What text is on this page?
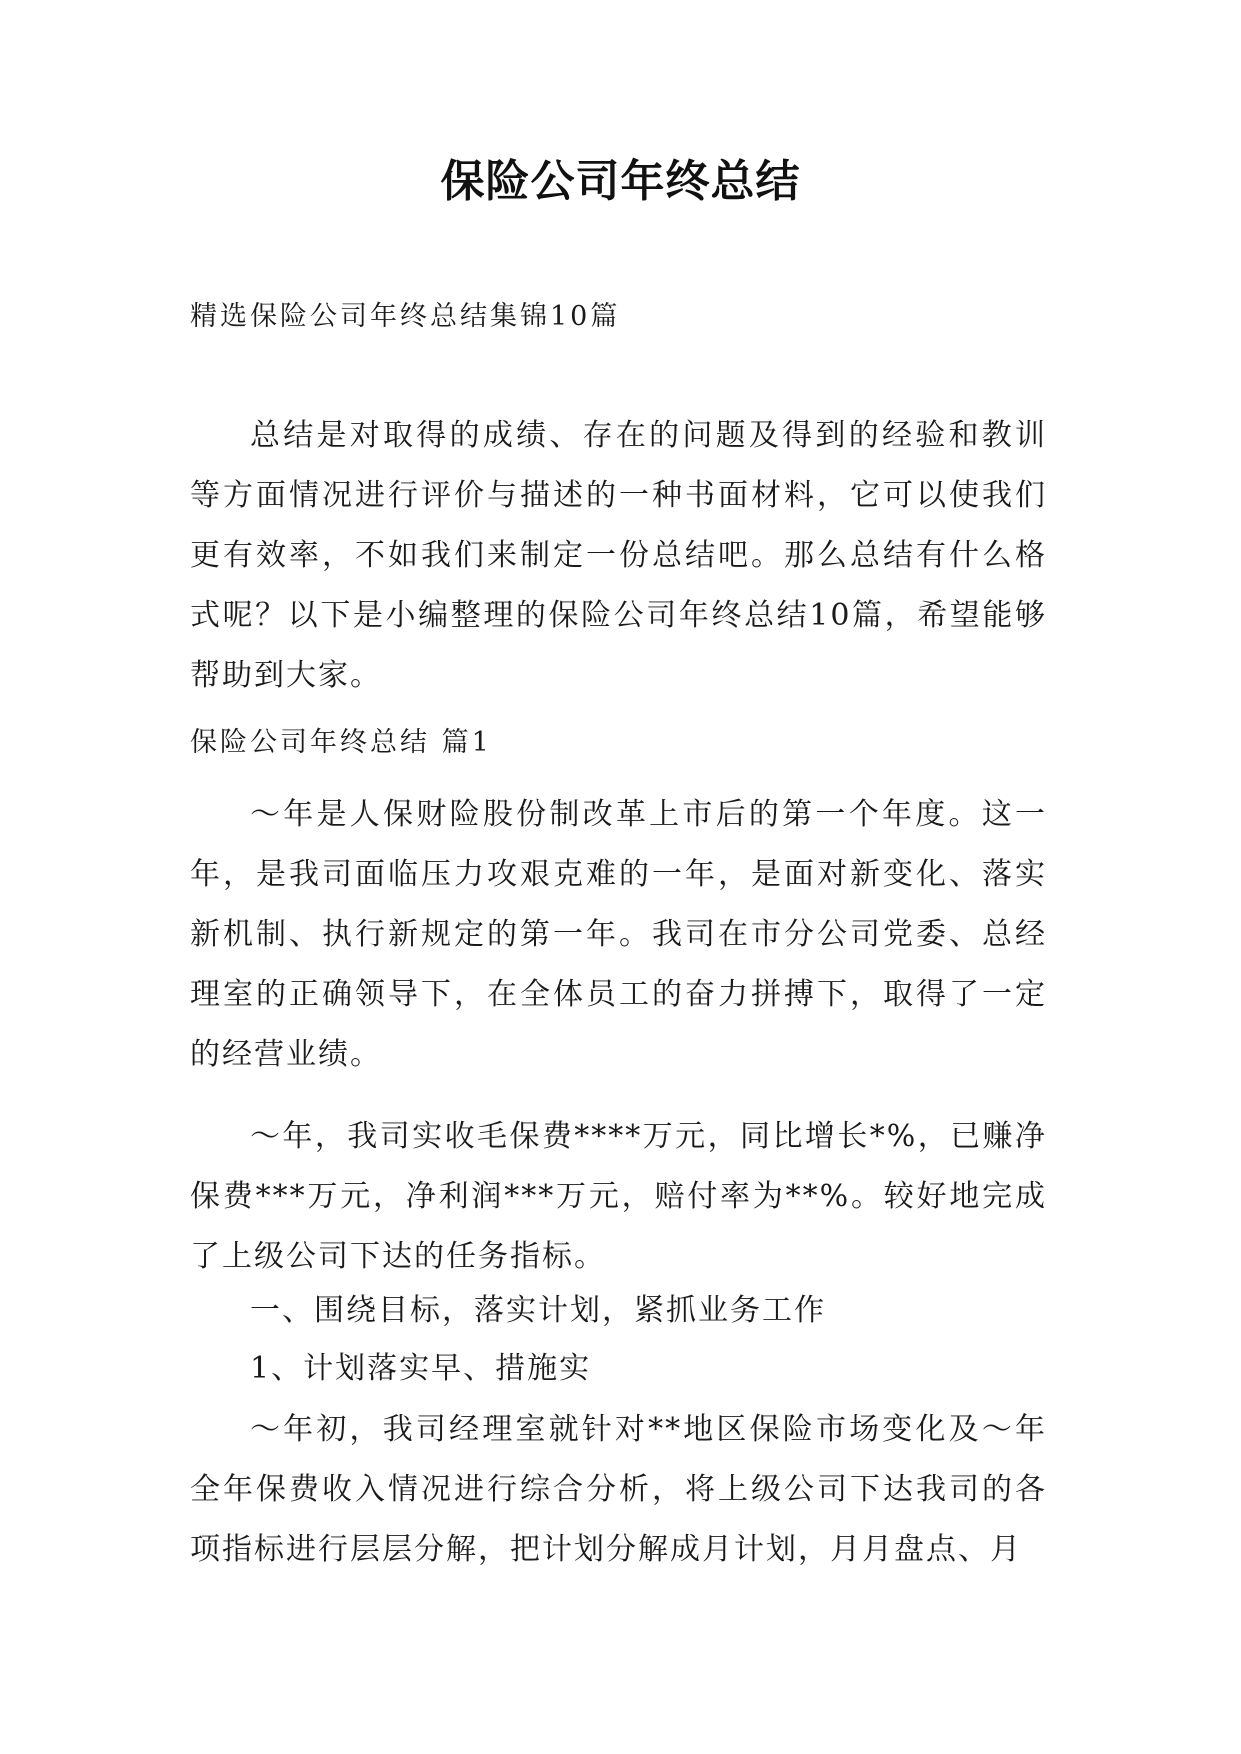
保险公司年终总结

精选保险公司年终总结集锦10篇

总结是对取得的成绩、存在的问题及得到的经验和教训等方面情况进行评价与描述的一种书面材料，它可以使我们更有效率，不如我们来制定一份总结吧。那么总结有什么格式呢？以下是小编整理的保险公司年终总结10篇，希望能够帮助到大家。

保险公司年终总结 篇1

～年是人保财险股份制改革上市后的第一个年度。这一年，是我司面临压力攻艰克难的一年，是面对新变化、落实新机制、执行新规定的第一年。我司在市分公司党委、总经理室的正确领导下，在全体员工的奋力拼搏下，取得了一定的经营业绩。

～年，我司实收毛保费****万元，同比增长*%，已赚净保费***万元，净利润***万元，赔付率为**%。较好地完成了上级公司下达的任务指标。

一、围绕目标，落实计划，紧抓业务工作

1、计划落实早、措施实

～年初，我司经理室就针对**地区保险市场变化及～年全年保费收入情况进行综合分析，将上级公司下达我司的各项指标进行层层分解，把计划分解成月计划，月月盘点、月
